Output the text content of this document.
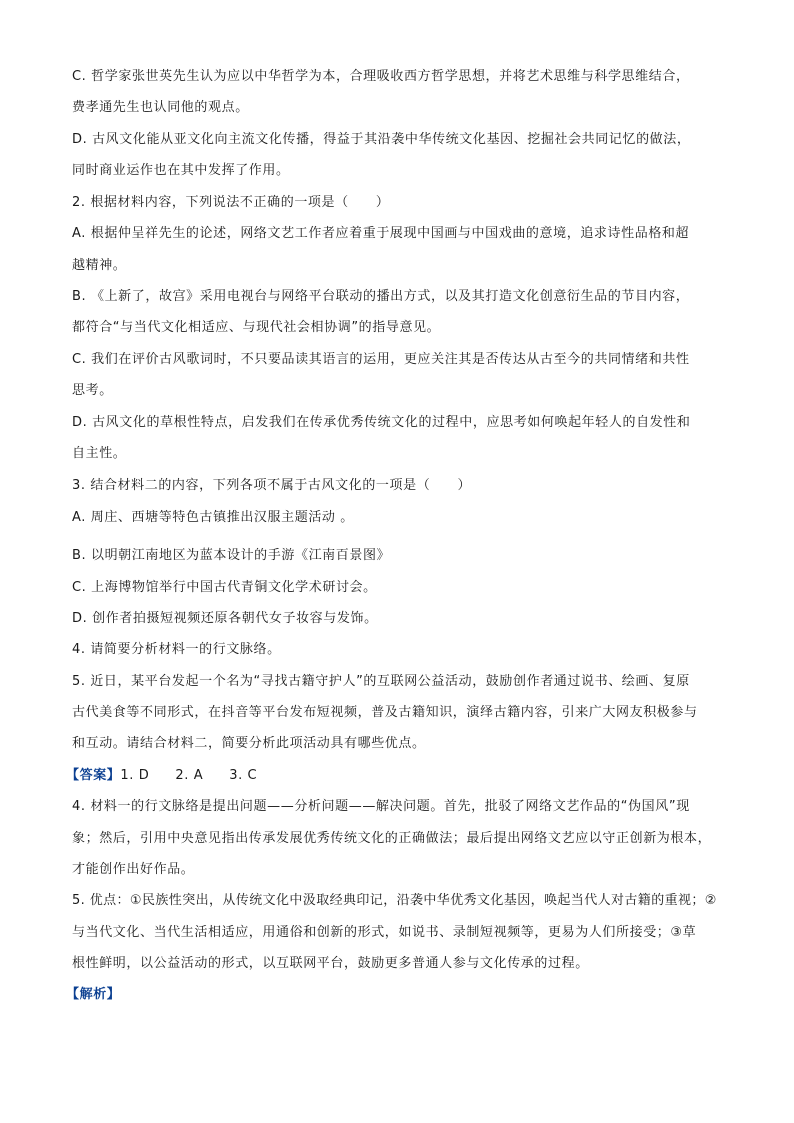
C. 哲学家张世英先生认为应以中华哲学为本，合理吸收西方哲学思想，并将艺术思维与科学思维结合，
费孝通先生也认同他的观点。
D. 古风文化能从亚文化向主流文化传播，得益于其沿袭中华传统文化基因、挖掘社会共同记忆的做法，
同时商业运作也在其中发挥了作用。
2. 根据材料内容，下列说法不正确的一项是（　　）
A. 根据仲呈祥先生的论述，网络文艺工作者应着重于展现中国画与中国戏曲的意境，追求诗性品格和超
越精神。
B. 《上新了，故宫》采用电视台与网络平台联动的播出方式，以及其打造文化创意衍生品的节目内容，
都符合“与当代文化相适应、与现代社会相协调”的指导意见。
C. 我们在评价古风歌词时，不只要品读其语言的运用，更应关注其是否传达从古至今的共同情绪和共性
思考。
D. 古风文化的草根性特点，启发我们在传承优秀传统文化的过程中，应思考如何唤起年轻人的自发性和
自主性。
3. 结合材料二的内容，下列各项不属于古风文化的一项是（　　）
A. 周庄、西塘等特色古镇推出汉服主题活动 。
B. 以明朝江南地区为蓝本设计的手游《江南百景图》
C. 上海博物馆举行中国古代青铜文化学术研讨会。
D. 创作者拍摄短视频还原各朝代女子妆容与发饰。
4. 请简要分析材料一的行文脉络。
5. 近日，某平台发起一个名为“寻找古籍守护人”的互联网公益活动，鼓励创作者通过说书、绘画、复原
古代美食等不同形式，在抖音等平台发布短视频，普及古籍知识，演绎古籍内容，引来广大网友积极参与
和互动。请结合材料二，简要分析此项活动具有哪些优点。
【答案】1. D 2. A 3. C
4. 材料一的行文脉络是提出问题——分析问题——解决问题。首先，批驳了网络文艺作品的“伪国风”现
象；然后，引用中央意见指出传承发展优秀传统文化的正确做法；最后提出网络文艺应以守正创新为根本，
才能创作出好作品。
5. 优点：①民族性突出，从传统文化中汲取经典印记，沿袭中华优秀文化基因，唤起当代人对古籍的重视；②
与当代文化、当代生活相适应，用通俗和创新的形式，如说书、录制短视频等，更易为人们所接受；③草
根性鲜明，以公益活动的形式，以互联网平台，鼓励更多普通人参与文化传承的过程。
【解析】
